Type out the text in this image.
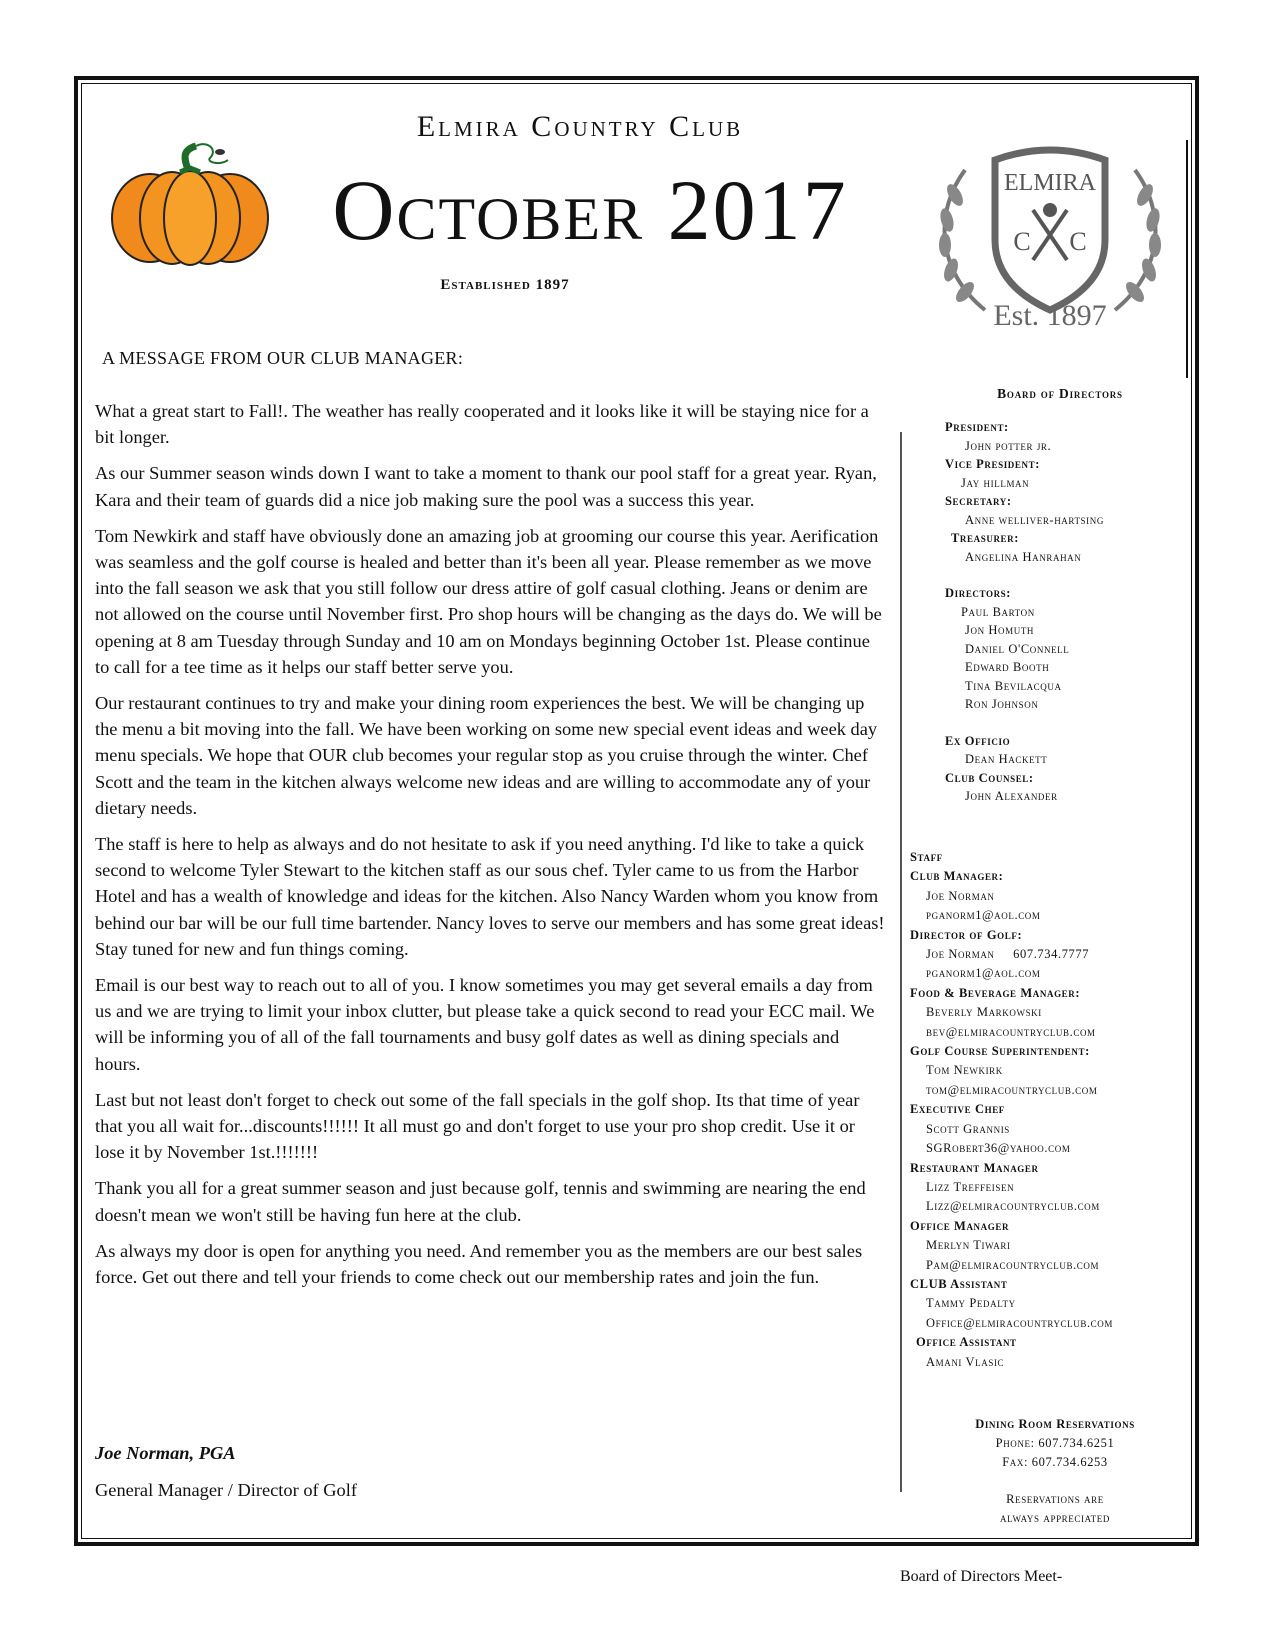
Elmira Country Club
October 2017
Established 1897
ELMIRA
C C
Est. 1897
A MESSAGE FROM OUR CLUB MANAGER:

What a great start to Fall!. The weather has really cooperated and it looks like it will be staying nice for a bit longer.

As our Summer season winds down I want to take a moment to thank our pool staff for a great year. Ryan, Kara and their team of guards did a nice job making sure the pool was a success this year.

Tom Newkirk and staff have obviously done an amazing job at grooming our course this year. Aerification was seamless and the golf course is healed and better than it's been all year. Please remember as we move into the fall season we ask that you still follow our dress attire of golf casual clothing. Jeans or denim are not allowed on the course until November first. Pro shop hours will be changing as the days do. We will be opening at 8 am Tuesday through Sunday and 10 am on Mondays beginning October 1st. Please continue to call for a tee time as it helps our staff better serve you.

Our restaurant continues to try and make your dining room experiences the best. We will be changing up the menu a bit moving into the fall. We have been working on some new special event ideas and week day menu specials. We hope that OUR club becomes your regular stop as you cruise through the winter. Chef Scott and the team in the kitchen always welcome new ideas and are willing to accommodate any of your dietary needs.

The staff is here to help as always and do not hesitate to ask if you need anything. I'd like to take a quick second to welcome Tyler Stewart to the kitchen staff as our sous chef. Tyler came to us from the Harbor Hotel and has a wealth of knowledge and ideas for the kitchen. Also Nancy Warden whom you know from behind our bar will be our full time bartender. Nancy loves to serve our members and has some great ideas! Stay tuned for new and fun things coming.

Email is our best way to reach out to all of you. I know sometimes you may get several emails a day from us and we are trying to limit your inbox clutter, but please take a quick second to read your ECC mail. We will be informing you of all of the fall tournaments and busy golf dates as well as dining specials and hours.

Last but not least don't forget to check out some of the fall specials in the golf shop. Its that time of year that you all wait for...discounts!!!!!! It all must go and don't forget to use your pro shop credit. Use it or lose it by November 1st.!!!!!!!

Thank you all for a great summer season and just because golf, tennis and swimming are nearing the end doesn't mean we won't still be having fun here at the club.

As always my door is open for anything you need. And remember you as the members are our best sales force. Get out there and tell your friends to come check out our membership rates and join the fun.

Joe Norman, PGA
General Manager / Director of Golf
Board of Directors
President:
John potter jr.
Vice President:
Jay hillman
Secretary:
Anne welliver-hartsing
Treasurer:
Angelina Hanrahan
Directors:
Paul Barton
Jon Homuth
Daniel O'Connell
Edward Booth
Tina Bevilacqua
Ron Johnson
Ex Officio
Dean Hackett
Club Counsel:
John Alexander
Staff
Club Manager:
Joe Norman
pganorm1@aol.com
Director of Golf:
Joe Norman     607.734.7777
pganorm1@aol.com
Food & Beverage Manager:
Beverly Markowski
bev@elmiracountryclub.com
Golf Course Superintendent:
Tom Newkirk
tom@elmiracountryclub.com
Executive Chef
Scott Grannis
SGRobert36@yahoo.com
Restaurant Manager
Lizz Treffeisen
Lizz@elmiracountryclub.com
Office Manager
Merlyn Tiwari
Pam@elmiracountryclub.com
CLUB Assistant
Tammy Pedalty
Office@elmiracountryclub.com
Office Assistant
Amani Vlasic
Dining Room Reservations
Phone: 607.734.6251
Fax: 607.734.6253
Reservations are
always appreciated
Board of Directors Meet-
